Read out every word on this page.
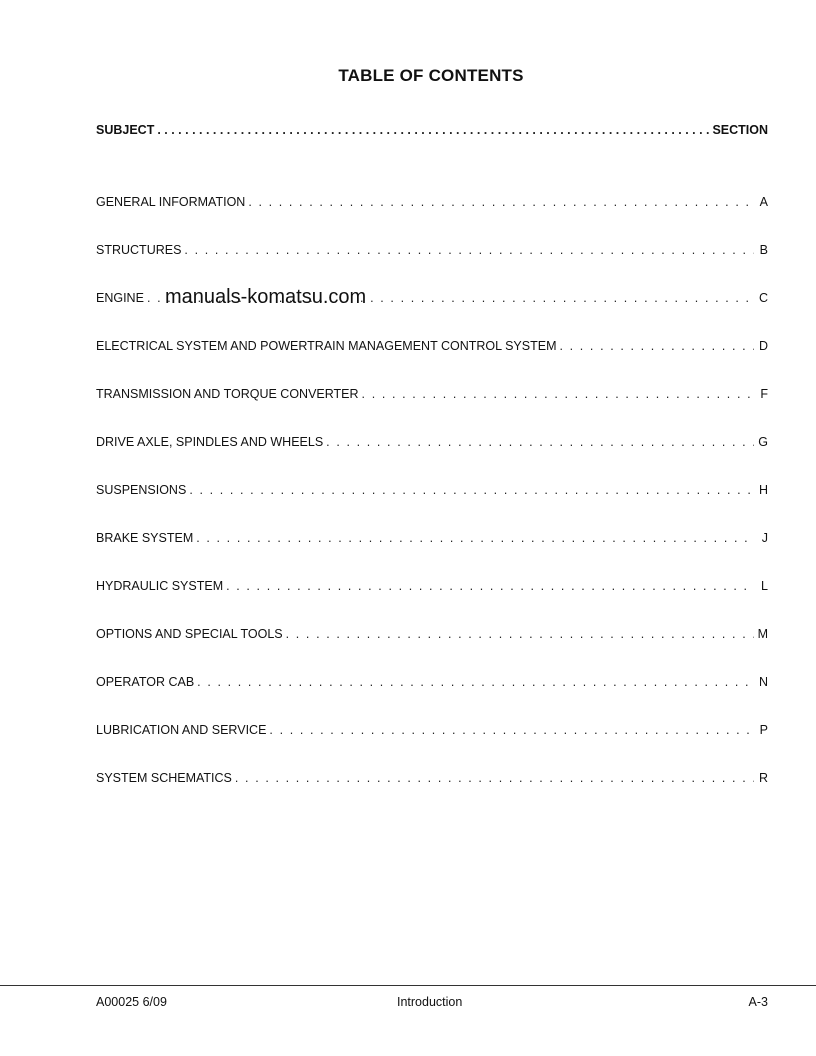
TABLE OF CONTENTS
SUBJECT . . .	SECTION
GENERAL INFORMATION . . .	A
STRUCTURES . . .	B
ENGINE . . .	C
ELECTRICAL SYSTEM AND POWERTRAIN MANAGEMENT CONTROL SYSTEM . . .	D
TRANSMISSION AND TORQUE CONVERTER . . .	F
DRIVE AXLE, SPINDLES AND WHEELS . . .	G
SUSPENSIONS . . .	H
BRAKE SYSTEM . . .	J
HYDRAULIC SYSTEM . . .	L
OPTIONS AND SPECIAL TOOLS . . .	M
OPERATOR CAB . . .	N
LUBRICATION AND SERVICE . . .	P
SYSTEM SCHEMATICS . . .	R
manuals-komatsu.com
A00025 6/09	Introduction	A-3
